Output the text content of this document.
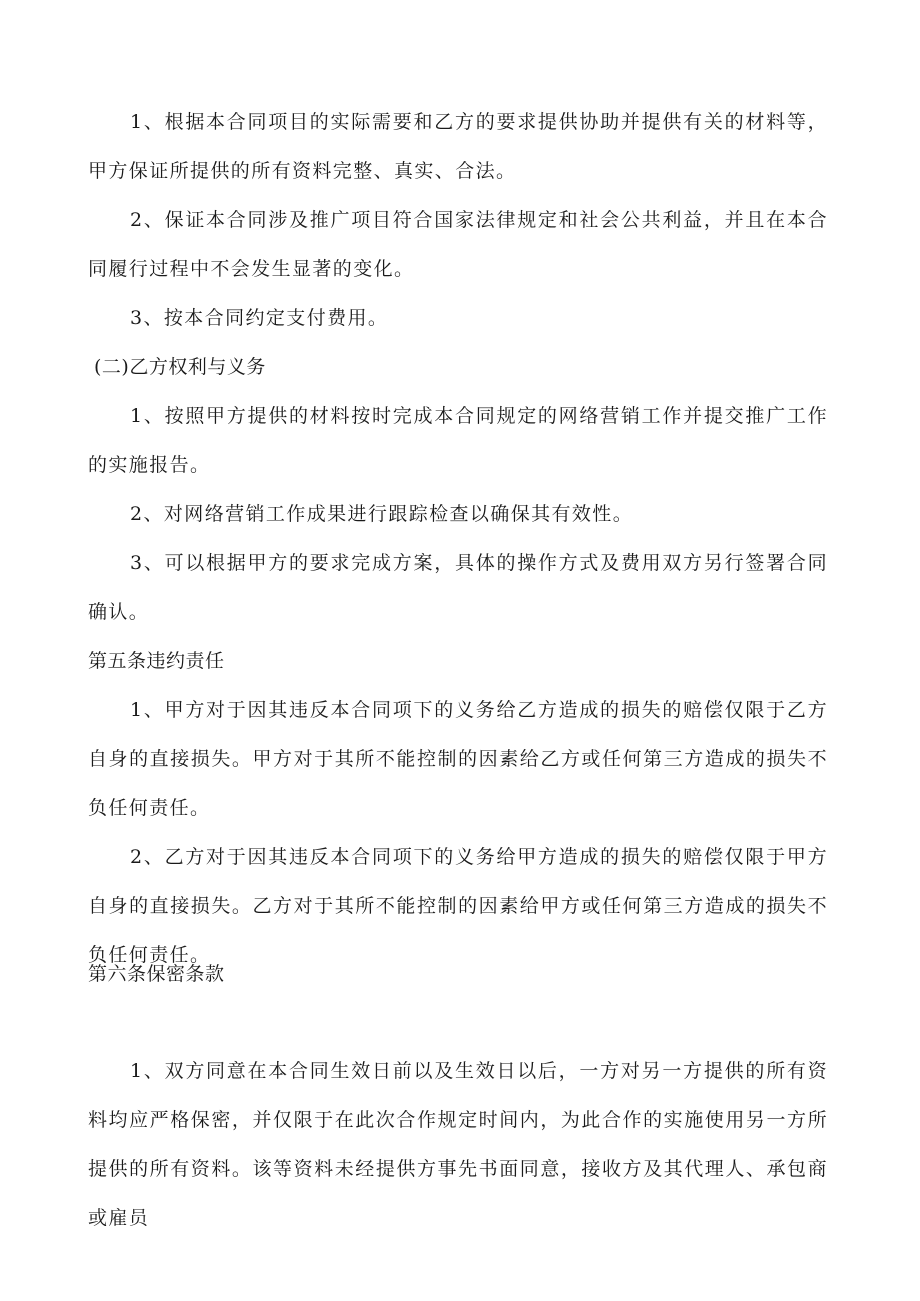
1、根据本合同项目的实际需要和乙方的要求提供协助并提供有关的材料等，甲方保证所提供的所有资料完整、真实、合法。

2、保证本合同涉及推广项目符合国家法律规定和社会公共利益，并且在本合同履行过程中不会发生显著的变化。

3、按本合同约定支付费用。

(二)乙方权利与义务

1、按照甲方提供的材料按时完成本合同规定的网络营销工作并提交推广工作的实施报告。

2、对网络营销工作成果进行跟踪检查以确保其有效性。

3、可以根据甲方的要求完成方案，具体的操作方式及费用双方另行签署合同确认。

第五条违约责任

1、甲方对于因其违反本合同项下的义务给乙方造成的损失的赔偿仅限于乙方自身的直接损失。甲方对于其所不能控制的因素给乙方或任何第三方造成的损失不负任何责任。

2、乙方对于因其违反本合同项下的义务给甲方造成的损失的赔偿仅限于甲方自身的直接损失。乙方对于其所不能控制的因素给甲方或任何第三方造成的损失不负任何责任。

第六条保密条款

1、双方同意在本合同生效日前以及生效日以后，一方对另一方提供的所有资料均应严格保密，并仅限于在此次合作规定时间内，为此合作的实施使用另一方所提供的所有资料。该等资料未经提供方事先书面同意，接收方及其代理人、承包商或雇员
